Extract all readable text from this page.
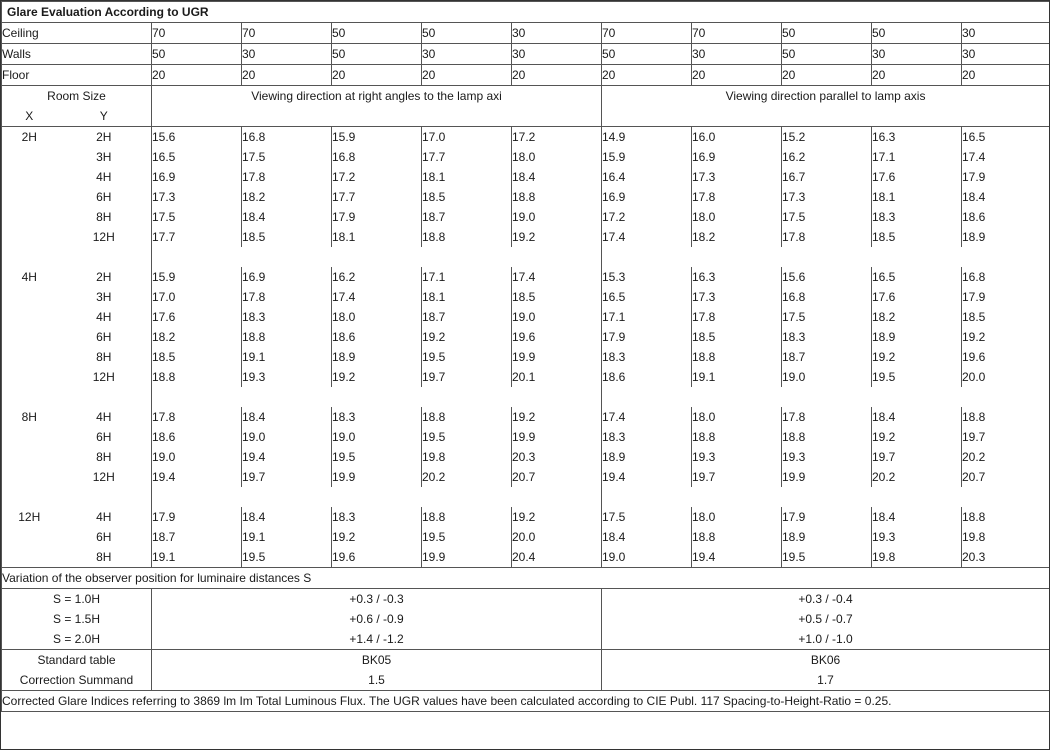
Glare Evaluation According to UGR											
Ceiling		70	70	50	50	30	70	70	50	50	30
Walls		50	30	50	30	30	50	30	50	30	30
Floor		20	20	20	20	20	20	20	20	20	20
Room Size		Viewing direction at right angles to the lamp axi					Viewing direction parallel to lamp axis				
X	Y										
2H	2H	15.6	16.8	15.9	17.0	17.2	14.9	16.0	15.2	16.3	16.5
	3H	16.5	17.5	16.8	17.7	18.0	15.9	16.9	16.2	17.1	17.4
	4H	16.9	17.8	17.2	18.1	18.4	16.4	17.3	16.7	17.6	17.9
	6H	17.3	18.2	17.7	18.5	18.8	16.9	17.8	17.3	18.1	18.4
	8H	17.5	18.4	17.9	18.7	19.0	17.2	18.0	17.5	18.3	18.6
	12H	17.7	18.5	18.1	18.8	19.2	17.4	18.2	17.8	18.5	18.9

4H	2H	15.9	16.9	16.2	17.1	17.4	15.3	16.3	15.6	16.5	16.8
	3H	17.0	17.8	17.4	18.1	18.5	16.5	17.3	16.8	17.6	17.9
	4H	17.6	18.3	18.0	18.7	19.0	17.1	17.8	17.5	18.2	18.5
	6H	18.2	18.8	18.6	19.2	19.6	17.9	18.5	18.3	18.9	19.2
	8H	18.5	19.1	18.9	19.5	19.9	18.3	18.8	18.7	19.2	19.6
	12H	18.8	19.3	19.2	19.7	20.1	18.6	19.1	19.0	19.5	20.0

8H	4H	17.8	18.4	18.3	18.8	19.2	17.4	18.0	17.8	18.4	18.8
	6H	18.6	19.0	19.0	19.5	19.9	18.3	18.8	18.8	19.2	19.7
	8H	19.0	19.4	19.5	19.8	20.3	18.9	19.3	19.3	19.7	20.2
	12H	19.4	19.7	19.9	20.2	20.7	19.4	19.7	19.9	20.2	20.7

12H	4H	17.9	18.4	18.3	18.8	19.2	17.5	18.0	17.9	18.4	18.8
	6H	18.7	19.1	19.2	19.5	20.0	18.4	18.8	18.9	19.3	19.8
	8H	19.1	19.5	19.6	19.9	20.4	19.0	19.4	19.5	19.8	20.3
Variation of the observer position for luminaire distances S											
S = 1.0H		+0.3 / -0.3					+0.3 / -0.4				
S = 1.5H		+0.6 / -0.9					+0.5 / -0.7				
S = 2.0H		+1.4 / -1.2					+1.0 / -1.0				
Standard table		BK05					BK06				
Correction Summand		1.5					1.7				
Corrected Glare Indices referring to 3869 lm Im Total Luminous Flux. The UGR values have been calculated according to CIE Publ. 117 Spacing-to-Height-Ratio = 0.25.											
